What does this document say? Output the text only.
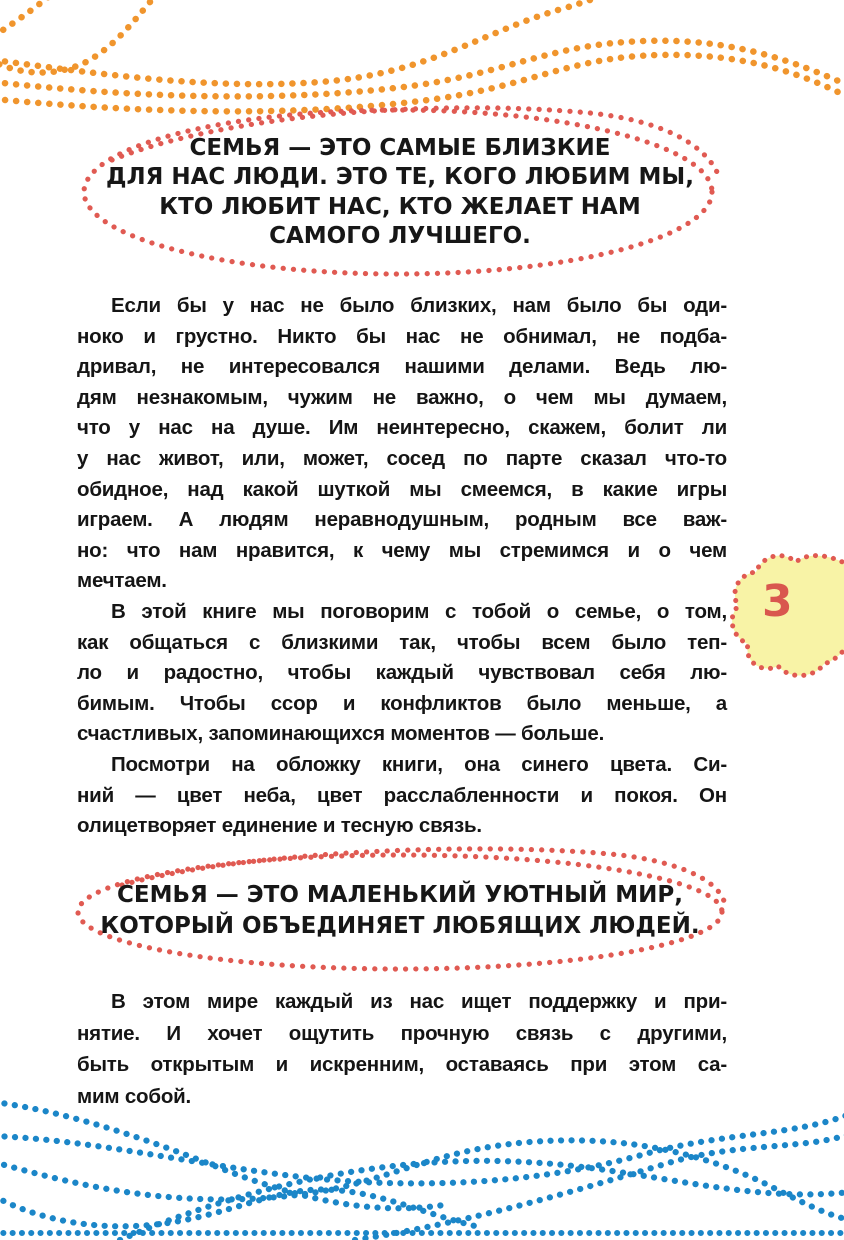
СЕМЬЯ — ЭТО САМЫЕ БЛИЗКИЕ
ДЛЯ НАС ЛЮДИ. ЭТО ТЕ, КОГО ЛЮБИМ МЫ,
КТО ЛЮБИТ НАС, КТО ЖЕЛАЕТ НАМ
САМОГО ЛУЧШЕГО.
Если бы у нас не было близких, нам было бы оди-
ноко и грустно. Никто бы нас не обнимал, не подба-
дривал, не интересовался нашими делами. Ведь лю-
дям незнакомым, чужим не важно, о чем мы думаем,
что у нас на душе. Им неинтересно, скажем, болит ли
у нас живот, или, может, сосед по парте сказал что-то
обидное, над какой шуткой мы смеемся, в какие игры
играем. А людям неравнодушным, родным все важ-
но: что нам нравится, к чему мы стремимся и о чем
мечтаем.
В этой книге мы поговорим с тобой о семье, о том,
как общаться с близкими так, чтобы всем было теп-
ло и радостно, чтобы каждый чувствовал себя лю-
бимым. Чтобы ссор и конфликтов было меньше, а
счастливых, запоминающихся моментов — больше.
Посмотри на обложку книги, она синего цвета. Си-
ний — цвет неба, цвет расслабленности и покоя. Он
олицетворяет единение и тесную связь.
3
СЕМЬЯ — ЭТО МАЛЕНЬКИЙ УЮТНЫЙ МИР,
КОТОРЫЙ ОБЪЕДИНЯЕТ ЛЮБЯЩИХ ЛЮДЕЙ.
В этом мире каждый из нас ищет поддержку и при-
нятие. И хочет ощутить прочную связь с другими,
быть открытым и искренним, оставаясь при этом са-
мим собой.
